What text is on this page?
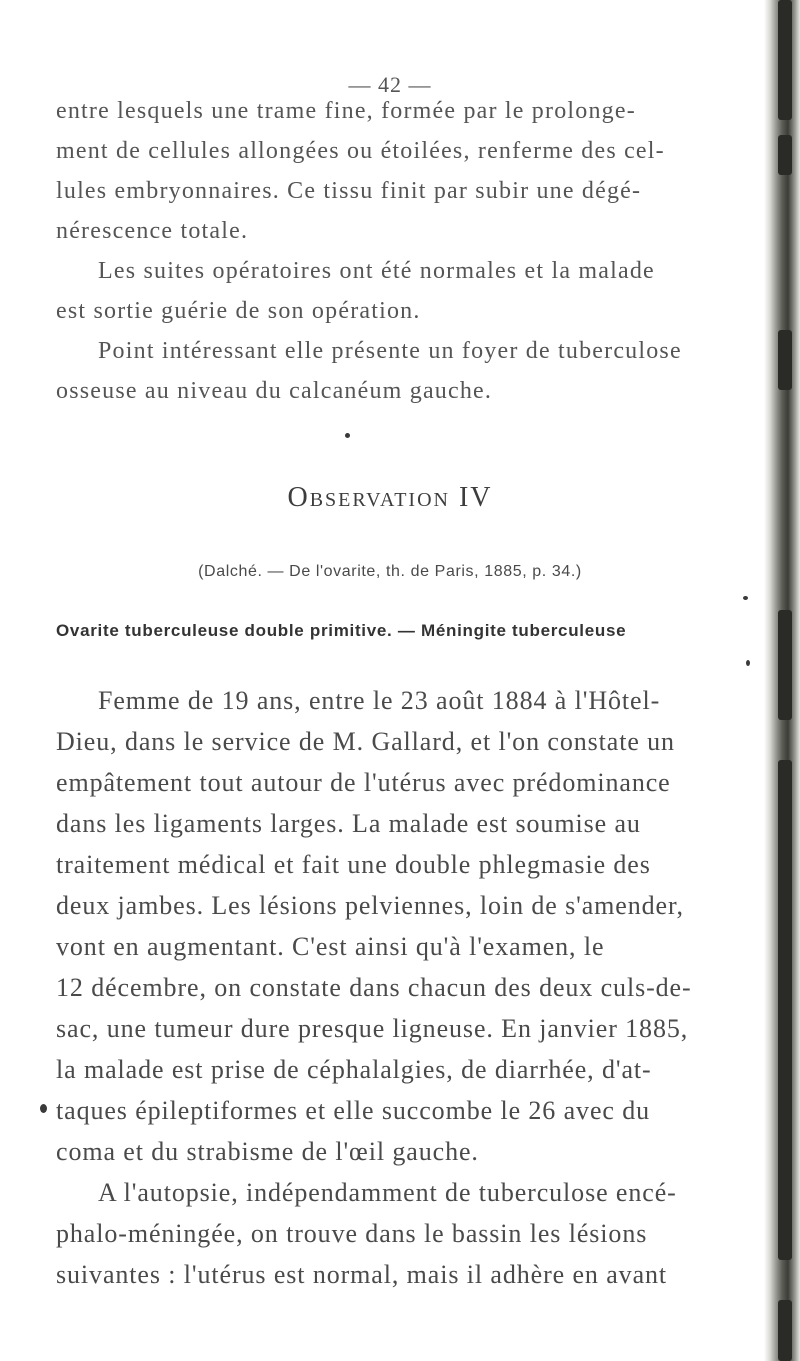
— 42 —
entre lesquels une trame fine, formée par le prolonge-
ment de cellules allongées ou étoilées, renferme des cel-
lules embryonnaires. Ce tissu finit par subir une dégé-
nérescence totale.
Les suites opératoires ont été normales et la malade
est sortie guérie de son opération.
Point intéressant elle présente un foyer de tuberculose
osseuse au niveau du calcanéum gauche.
Observation IV
(Dalché. — De l'ovarite, th. de Paris, 1885, p. 34.)
Ovarite tuberculeuse double primitive. — Méningite tuberculeuse
Femme de 19 ans, entre le 23 août 1884 à l'Hôtel-
Dieu, dans le service de M. Gallard, et l'on constate un
empâtement tout autour de l'utérus avec prédominance
dans les ligaments larges. La malade est soumise au
traitement médical et fait une double phlegmasie des
deux jambes. Les lésions pelviennes, loin de s'amender,
vont en augmentant. C'est ainsi qu'à l'examen, le
12 décembre, on constate dans chacun des deux culs-de-
sac, une tumeur dure presque ligneuse. En janvier 1885,
la malade est prise de céphalalgies, de diarrhée, d'at-
taques épileptiformes et elle succombe le 26 avec du
coma et du strabisme de l'œil gauche.
A l'autopsie, indépendamment de tuberculose encé-
phalo-méningée, on trouve dans le bassin les lésions
suivantes : l'utérus est normal, mais il adhère en avant
